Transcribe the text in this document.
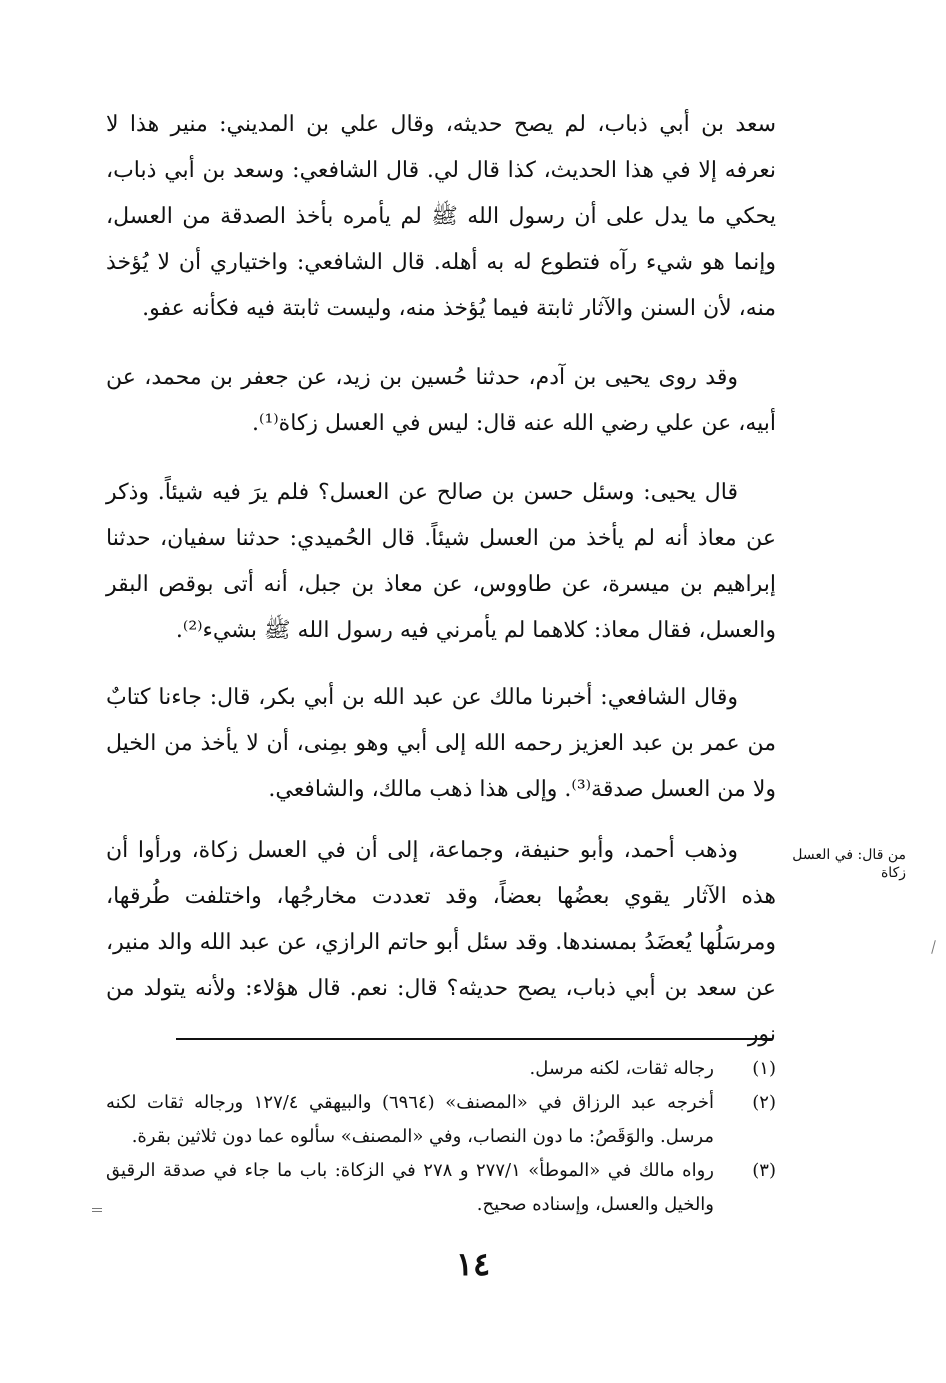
سعد بن أبي ذباب، لم يصح حديثه، وقال علي بن المديني: منير هذا لا نعرفه إلا في هذا الحديث، كذا قال لي. قال الشافعي: وسعد بن أبي ذباب، يحكي ما يدل على أن رسول الله ﷺ لم يأمره بأخذ الصدقة من العسل، وإنما هو شيء رآه فتطوع له به أهله. قال الشافعي: واختياري أن لا يُؤخذ منه، لأن السنن والآثار ثابتة فيما يُؤخذ منه، وليست ثابتة فيه فكأنه عفو.

وقد روى يحيى بن آدم، حدثنا حُسين بن زيد، عن جعفر بن محمد، عن أبيه، عن علي رضي الله عنه قال: ليس في العسل زكاة⁽¹⁾.

قال يحيى: وسئل حسن بن صالح عن العسل؟ فلم يرَ فيه شيئاً. وذكر عن معاذ أنه لم يأخذ من العسل شيئاً. قال الحُميدي: حدثنا سفيان، حدثنا إبراهيم بن ميسرة، عن طاووس، عن معاذ بن جبل، أنه أتى بوقص البقر والعسل، فقال معاذ: كلاهما لم يأمرني فيه رسول الله ﷺ بشيء⁽²⁾.

وقال الشافعي: أخبرنا مالك عن عبد الله بن أبي بكر، قال: جاءنا كتابٌ من عمر بن عبد العزيز رحمه الله إلى أبي وهو بمِنى، أن لا يأخذ من الخيل ولا من العسل صدقة⁽³⁾. وإلى هذا ذهب مالك، والشافعي.

وذهب أحمد، وأبو حنيفة، وجماعة، إلى أن في العسل زكاة، ورأوا أن هذه الآثار يقوي بعضُها بعضاً، وقد تعددت مخارجُها، واختلفت طُرقها، ومرسَلُها يُعضَدُ بمسندها. وقد سئل أبو حاتم الرازي، عن عبد الله والد منير، عن سعد بن أبي ذباب، يصح حديثه؟ قال: نعم. قال هؤلاء: ولأنه يتولد من نور

من قال: في العسل زكاة
(١)
رجاله ثقات، لكنه مرسل.
(٢)
أخرجه عبد الرزاق في «المصنف» (٦٩٦٤) والبيهقي ١٢٧/٤ ورجاله ثقات لكنه مرسل. والوَقَصُ: ما دون النصاب، وفي «المصنف» سألوه عما دون ثلاثين بقرة.
(٣)
رواه مالك في «الموطأ» ٢٧٧/١ و ٢٧٨ في الزكاة: باب ما جاء في صدقة الرقيق والخيل والعسل، وإسناده صحيح.
١٤
